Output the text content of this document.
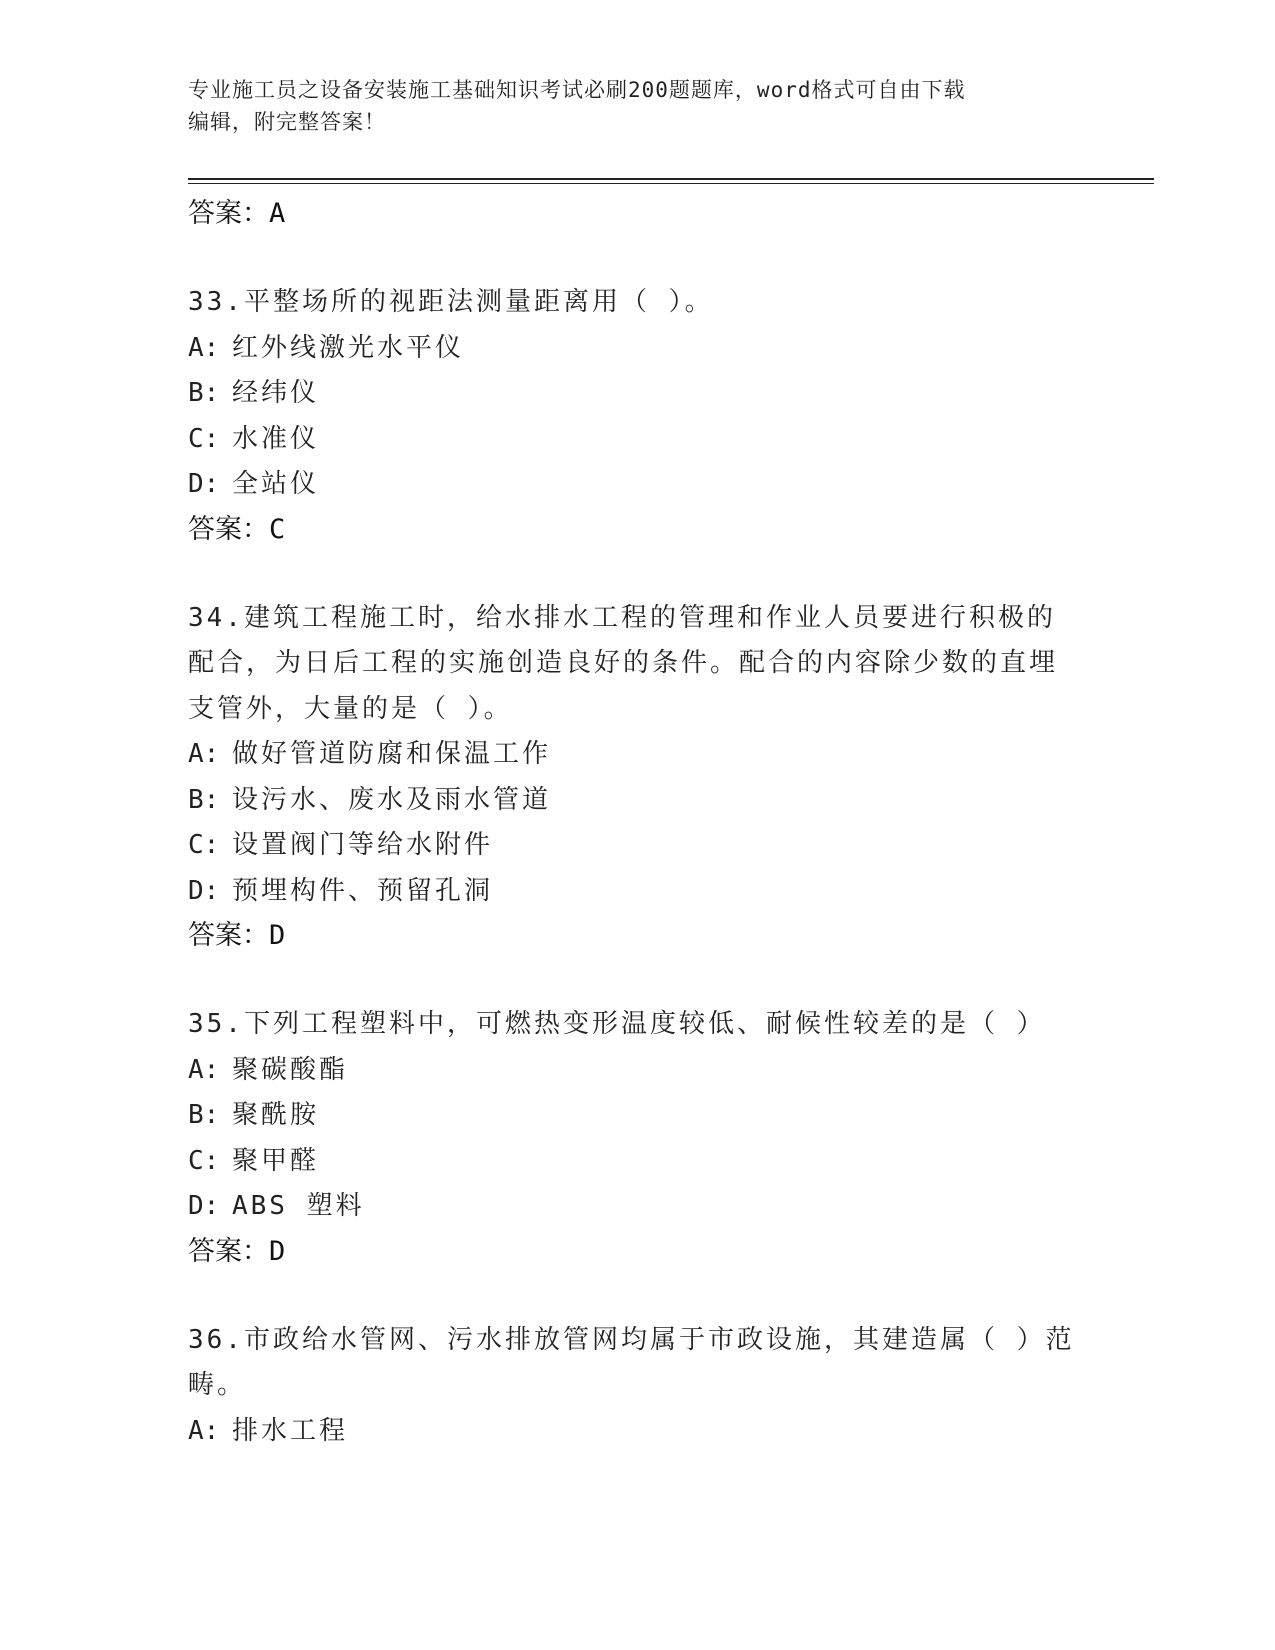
专业施工员之设备安装施工基础知识考试必刷200题题库，word格式可自由下载
编辑，附完整答案！
答案：A
33.平整场所的视距法测量距离用（ ）。
A: 红外线激光水平仪
B: 经纬仪
C: 水准仪
D: 全站仪
答案：C
34.建筑工程施工时，给水排水工程的管理和作业人员要进行积极的配合，为日后工程的实施创造良好的条件。配合的内容除少数的直埋支管外，大量的是（ ）。
A: 做好管道防腐和保温工作
B: 设污水、废水及雨水管道
C: 设置阀门等给水附件
D: 预埋构件、预留孔洞
答案：D
35.下列工程塑料中，可燃热变形温度较低、耐候性较差的是（ ）
A: 聚碳酸酯
B: 聚酰胺
C: 聚甲醛
D: ABS 塑料
答案：D
36.市政给水管网、污水排放管网均属于市政设施，其建造属（ ）范畴。
A: 排水工程
